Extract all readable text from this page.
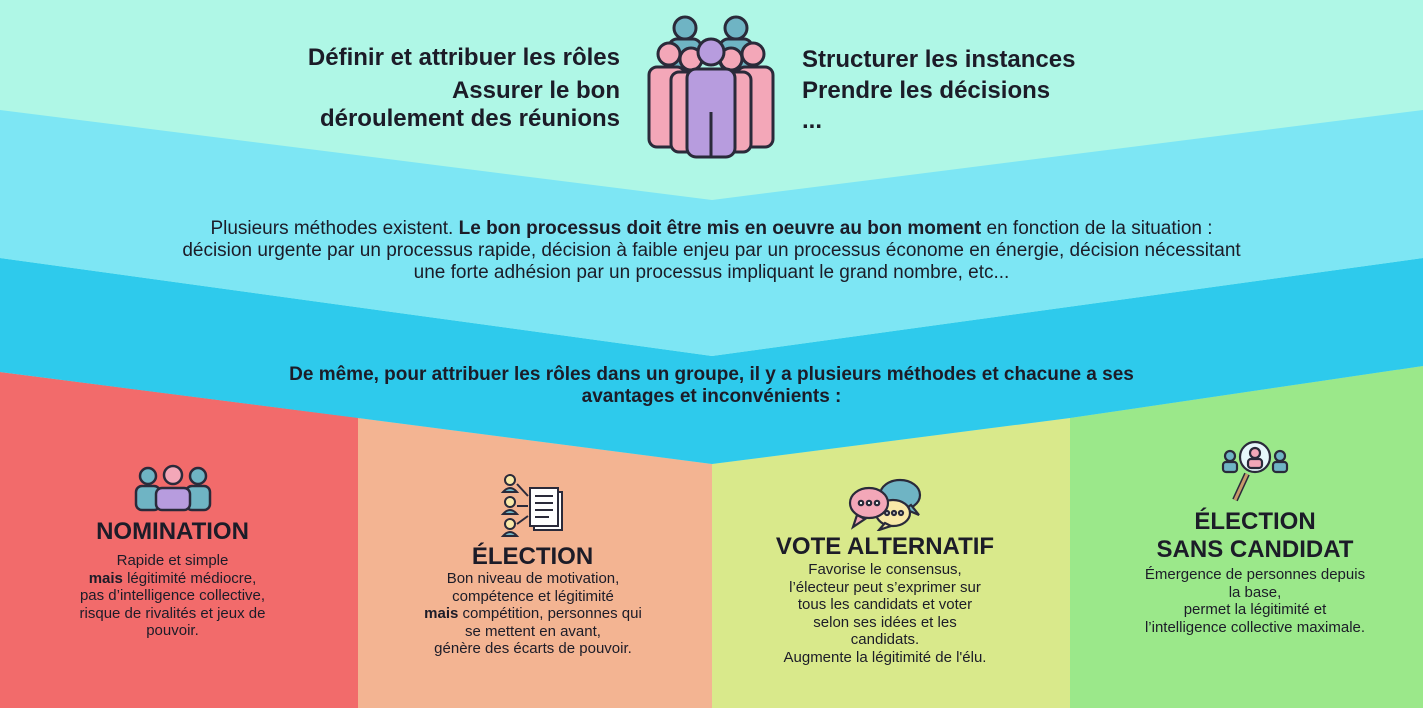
Définir et attribuer les rôles
Assurer le bon
déroulement des réunions
Structurer les instances
Prendre les décisions
...
Plusieurs méthodes existent. Le bon processus doit être mis en oeuvre au bon moment en fonction de la situation :
décision urgente par un processus rapide, décision à faible enjeu par un processus économe en énergie, décision nécessitant
une forte adhésion par un processus impliquant le grand nombre, etc...
De même, pour attribuer les rôles dans un groupe, il y a plusieurs méthodes et chacune a ses
avantages et inconvénients :
NOMINATION
Rapide et simple
mais légitimité médiocre,
pas d’intelligence collective,
risque de rivalités et jeux de
pouvoir.
ÉLECTION
Bon niveau de motivation,
compétence et légitimité
mais compétition, personnes qui
se mettent en avant,
génère des écarts de pouvoir.
VOTE ALTERNATIF
Favorise le consensus,
l’électeur peut s’exprimer sur
tous les candidats et voter
selon ses idées et les
candidats.
Augmente la légitimité de l'élu.
ÉLECTION
SANS CANDIDAT
Émergence de personnes depuis
la base,
permet la légitimité et
l’intelligence collective maximale.
